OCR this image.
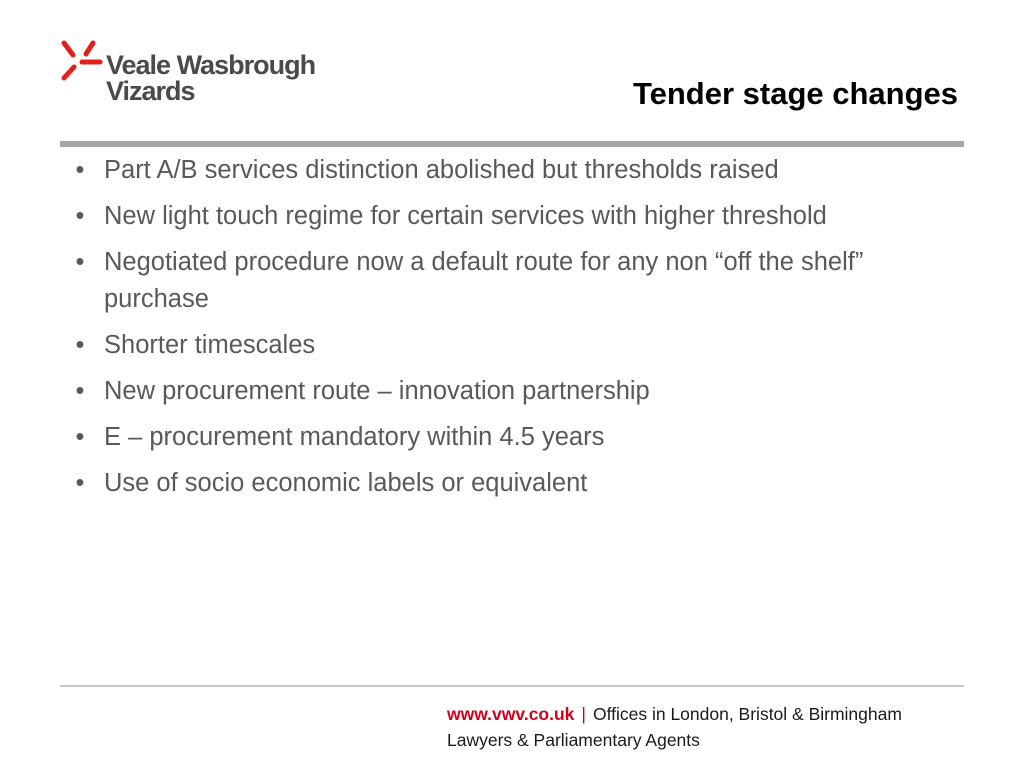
Veale Wasbrough
Vizards	Tender stage changes
• Part A/B services distinction abolished but thresholds raised
• New light touch regime for certain services with higher threshold
• Negotiated procedure now a default route for any non “off the shelf” purchase
• Shorter timescales
• New procurement route – innovation partnership
• E – procurement mandatory within 4.5 years
• Use of socio economic labels or equivalent
www.vwv.co.uk | Offices in London, Bristol & Birmingham
Lawyers & Parliamentary Agents
